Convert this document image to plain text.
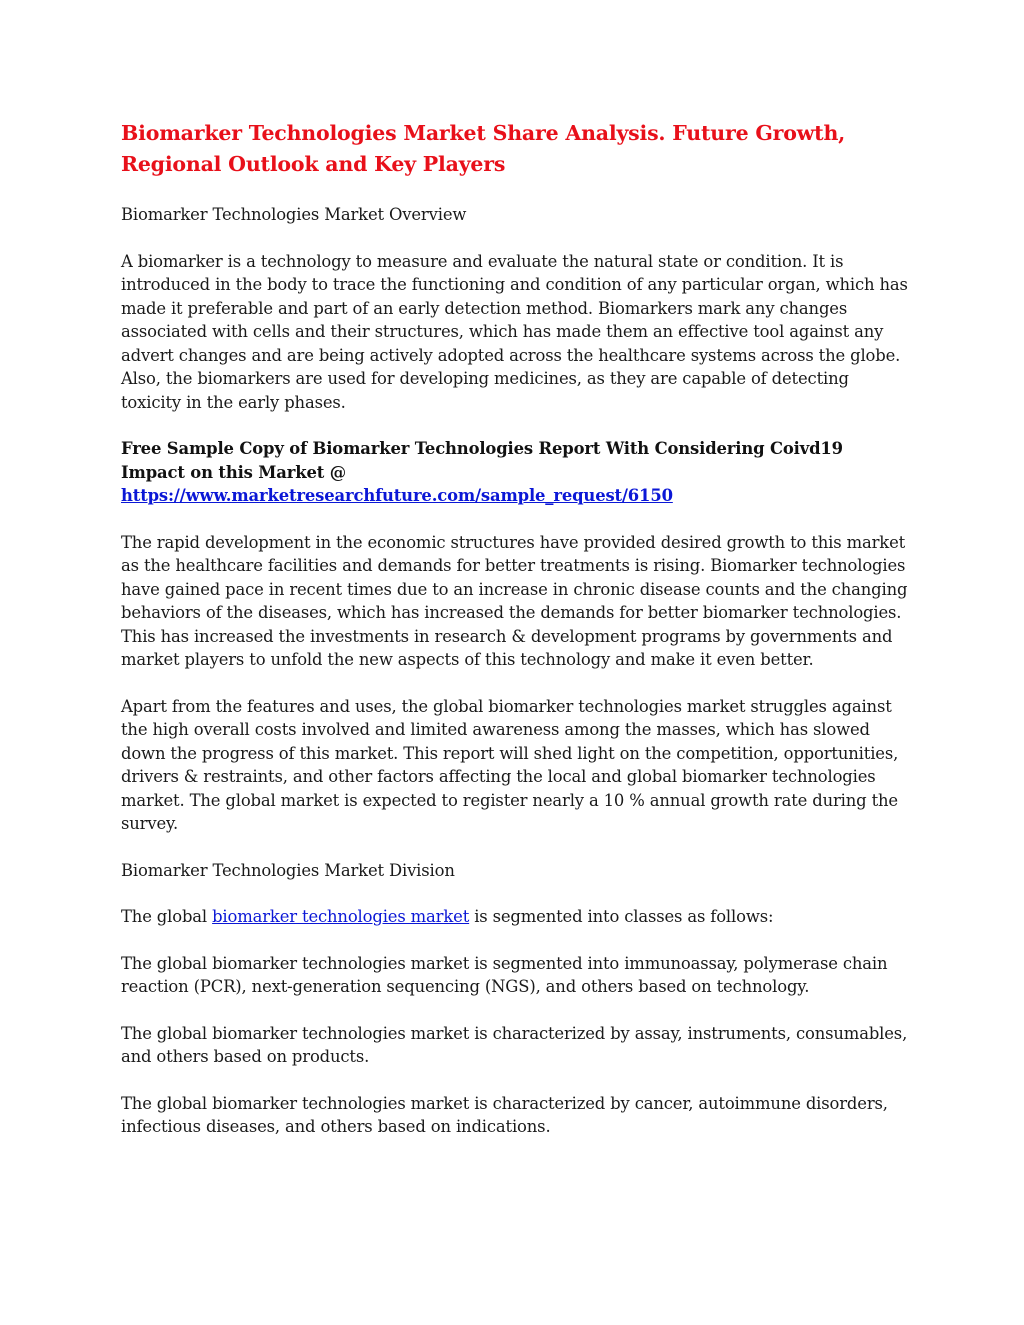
Biomarker Technologies Market Share Analysis. Future Growth, Regional Outlook and Key Players

Biomarker Technologies Market Overview

A biomarker is a technology to measure and evaluate the natural state or condition. It is introduced in the body to trace the functioning and condition of any particular organ, which has made it preferable and part of an early detection method. Biomarkers mark any changes associated with cells and their structures, which has made them an effective tool against any advert changes and are being actively adopted across the healthcare systems across the globe. Also, the biomarkers are used for developing medicines, as they are capable of detecting toxicity in the early phases.

Free Sample Copy of Biomarker Technologies Report With Considering Coivd19 Impact on this Market @
https://www.marketresearchfuture.com/sample_request/6150

The rapid development in the economic structures have provided desired growth to this market as the healthcare facilities and demands for better treatments is rising. Biomarker technologies have gained pace in recent times due to an increase in chronic disease counts and the changing behaviors of the diseases, which has increased the demands for better biomarker technologies. This has increased the investments in research & development programs by governments and market players to unfold the new aspects of this technology and make it even better.

Apart from the features and uses, the global biomarker technologies market struggles against the high overall costs involved and limited awareness among the masses, which has slowed down the progress of this market. This report will shed light on the competition, opportunities, drivers & restraints, and other factors affecting the local and global biomarker technologies market. The global market is expected to register nearly a 10 % annual growth rate during the survey.

Biomarker Technologies Market Division

The global biomarker technologies market is segmented into classes as follows:

The global biomarker technologies market is segmented into immunoassay, polymerase chain reaction (PCR), next-generation sequencing (NGS), and others based on technology.

The global biomarker technologies market is characterized by assay, instruments, consumables, and others based on products.

The global biomarker technologies market is characterized by cancer, autoimmune disorders, infectious diseases, and others based on indications.
